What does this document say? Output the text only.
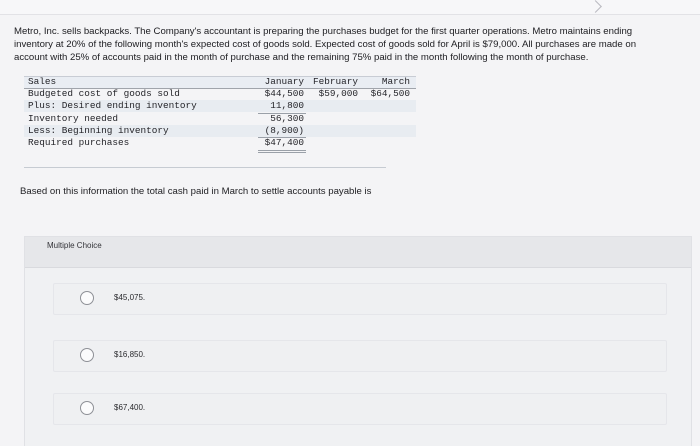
Metro, Inc. sells backpacks. The Company's accountant is preparing the purchases budget for the first quarter operations. Metro maintains ending
inventory at 20% of the following month's expected cost of goods sold. Expected cost of goods sold for April is $79,000. All purchases are made on
account with 25% of accounts paid in the month of purchase and the remaining 75% paid in the month following the month of purchase.
Sales	January February	March
Budgeted cost of goods sold	$44,500	$59,000	$64,500
Plus: Desired ending inventory	11,800
Inventory needed	56,300
Less: Beginning inventory	(8,900)
Required purchases	$47,400
Based on this information the total cash paid in March to settle accounts payable is
Multiple Choice
$45,075.
$16,850.
$67,400.
